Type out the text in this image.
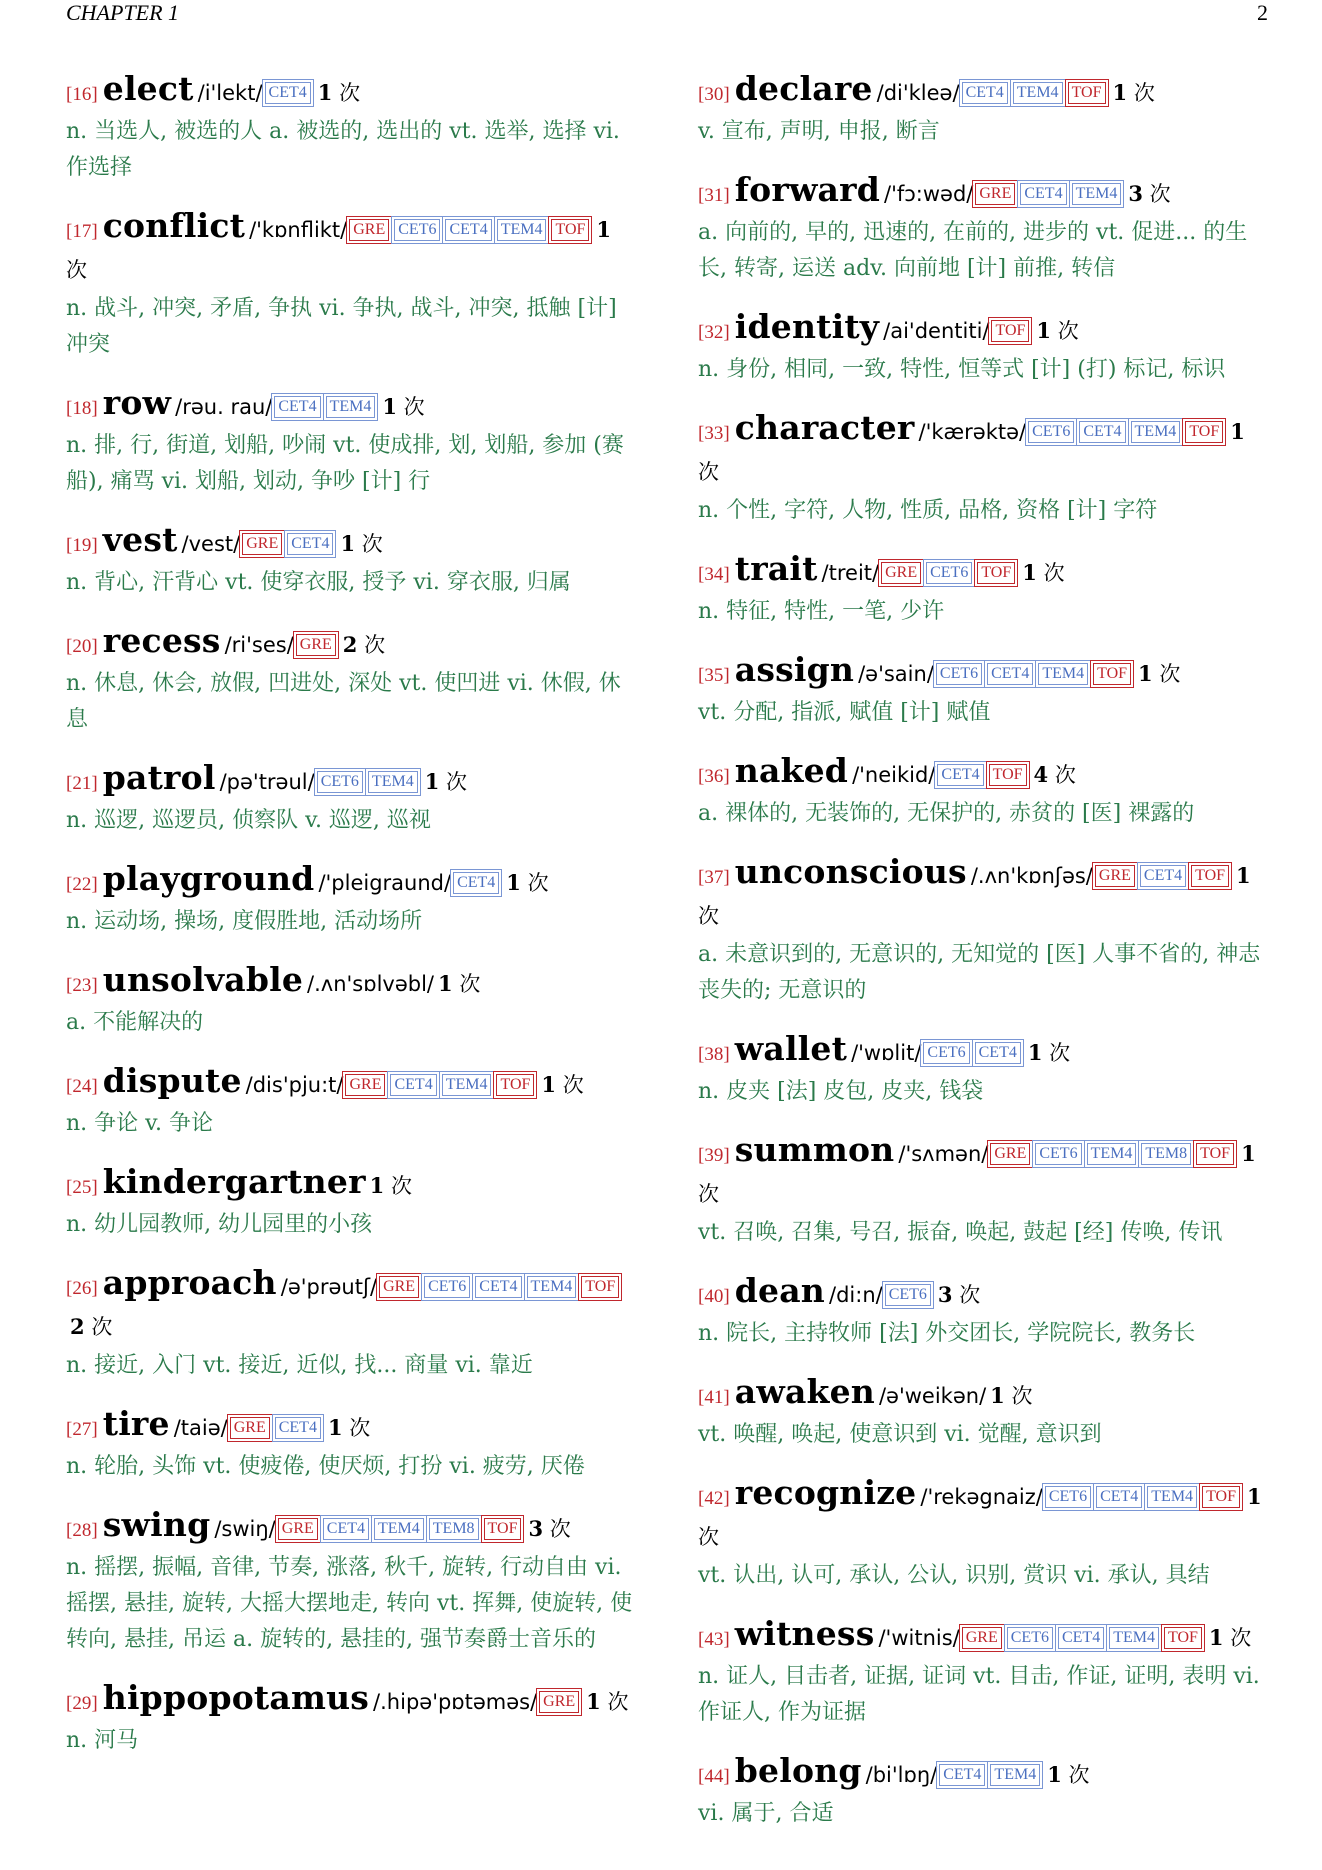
CHAPTER 1	2
[16] elect /i'lekt/ CET4 1 次
n. 当选人, 被选的人 a. 被选的, 选出的 vt. 选举, 选择 vi. 作选择
[17] conflict /'kɒnflikt/ GRE CET6 CET4 TEM4 TOF 1 次
n. 战斗, 冲突, 矛盾, 争执 vi. 争执, 战斗, 冲突, 抵触 [计] 冲突
[18] row /rəu. rau/ CET4 TEM4 1 次
n. 排, 行, 街道, 划船, 吵闹 vt. 使成排, 划, 划船, 参加 (赛船), 痛骂 vi. 划船, 划动, 争吵 [计] 行
[19] vest /vest/ GRE CET4 1 次
n. 背心, 汗背心 vt. 使穿衣服, 授予 vi. 穿衣服, 归属
[20] recess /ri'ses/ GRE 2 次
n. 休息, 休会, 放假, 凹进处, 深处 vt. 使凹进 vi. 休假, 休息
[21] patrol /pə'trəul/ CET6 TEM4 1 次
n. 巡逻, 巡逻员, 侦察队 v. 巡逻, 巡视
[22] playground /'pleigraund/ CET4 1 次
n. 运动场, 操场, 度假胜地, 活动场所
[23] unsolvable /.ʌn'sɒlvəbl/ 1 次
a. 不能解决的
[24] dispute /dis'pju:t/ GRE CET4 TEM4 TOF 1 次
n. 争论 v. 争论
[25] kindergartner 1 次
n. 幼儿园教师, 幼儿园里的小孩
[26] approach /ə'prəutʃ/ GRE CET6 CET4 TEM4 TOF2 次
n. 接近, 入门 vt. 接近, 近似, 找... 商量 vi. 靠近
[27] tire /taiə/ GRE CET4 1 次
n. 轮胎, 头饰 vt. 使疲倦, 使厌烦, 打扮 vi. 疲劳, 厌倦
[28] swing /swiŋ/ GRE CET4 TEM4 TEM8 TOF 3 次
n. 摇摆, 振幅, 音律, 节奏, 涨落, 秋千, 旋转, 行动自由 vi. 摇摆, 悬挂, 旋转, 大摇大摆地走, 转向 vt. 挥舞, 使旋转, 使转向, 悬挂, 吊运 a. 旋转的, 悬挂的, 强节奏爵士音乐的
[29] hippopotamus /.hipə'pɒtəməs/ GRE 1 次
n. 河马
[30] declare /di'kleə/ CET4 TEM4 TOF 1 次
v. 宣布, 声明, 申报, 断言
[31] forward /'fɔ:wəd/ GRE CET4 TEM4 3 次
a. 向前的, 早的, 迅速的, 在前的, 进步的 vt. 促进... 的生长, 转寄, 运送 adv. 向前地 [计] 前推, 转信
[32] identity /ai'dentiti/ TOF 1 次
n. 身份, 相同, 一致, 特性, 恒等式 [计] (打) 标记, 标识
[33] character /'kærəktə/ CET6 CET4 TEM4 TOF 1 次
n. 个性, 字符, 人物, 性质, 品格, 资格 [计] 字符
[34] trait /treit/ GRE CET6 TOF 1 次
n. 特征, 特性, 一笔, 少许
[35] assign /ə'sain/ CET6 CET4 TEM4 TOF 1 次
vt. 分配, 指派, 赋值 [计] 赋值
[36] naked /'neikid/ CET4 TOF 4 次
a. 裸体的, 无装饰的, 无保护的, 赤贫的 [医] 裸露的
[37] unconscious /.ʌn'kɒnʃəs/ GRE CET4 TOF 1 次
a. 未意识到的, 无意识的, 无知觉的 [医] 人事不省的, 神志丧失的; 无意识的
[38] wallet /'wɒlit/ CET6 CET4 1 次
n. 皮夹 [法] 皮包, 皮夹, 钱袋
[39] summon /'sʌmən/ GRE CET6 TEM4 TEM8 TOF 1 次
vt. 召唤, 召集, 号召, 振奋, 唤起, 鼓起 [经] 传唤, 传讯
[40] dean /di:n/ CET6 3 次
n. 院长, 主持牧师 [法] 外交团长, 学院院长, 教务长
[41] awaken /ə'weikən/ 1 次
vt. 唤醒, 唤起, 使意识到 vi. 觉醒, 意识到
[42] recognize /'rekəgnaiz/ CET6 CET4 TEM4 TOF 1 次
vt. 认出, 认可, 承认, 公认, 识别, 赏识 vi. 承认, 具结
[43] witness /'witnis/ GRE CET6 CET4 TEM4 TOF 1 次
n. 证人, 目击者, 证据, 证词 vt. 目击, 作证, 证明, 表明 vi. 作证人, 作为证据
[44] belong /bi'lɒŋ/ CET4 TEM4 1 次
vi. 属于, 合适
